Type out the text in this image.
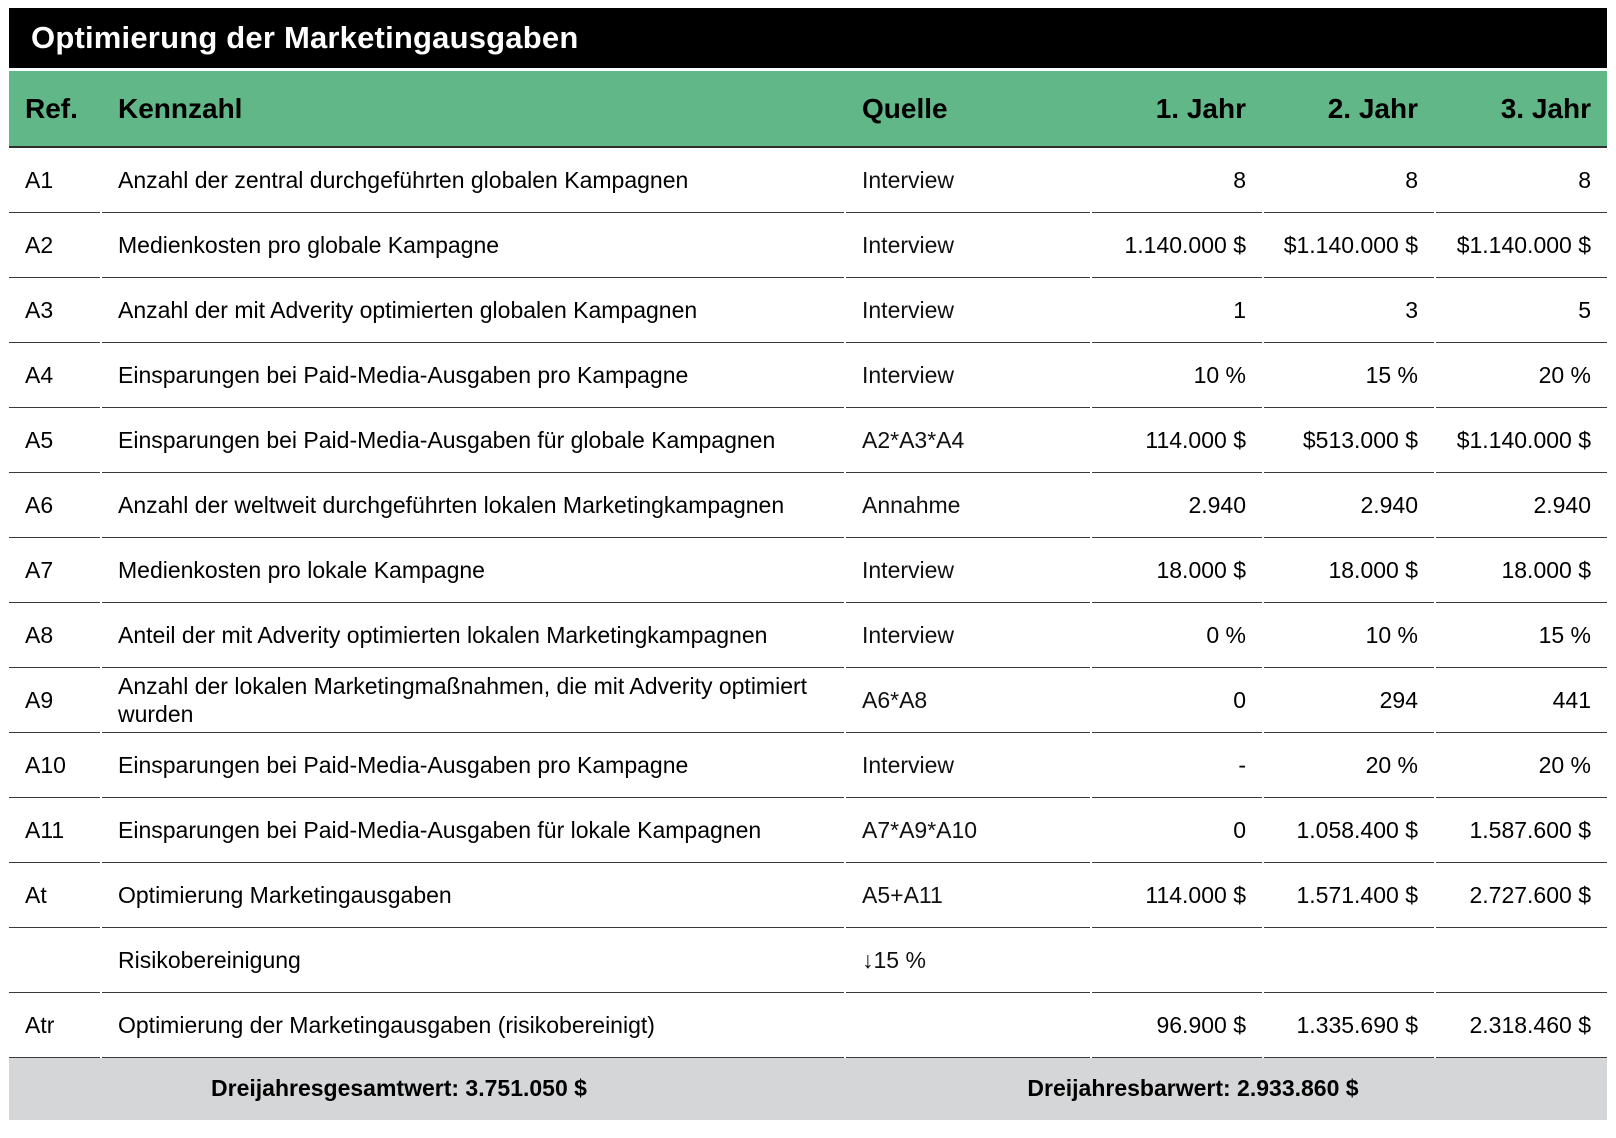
Optimierung der Marketingausgaben
Ref.	Kennzahl	Quelle	1. Jahr	2. Jahr	3. Jahr
A1	Anzahl der zentral durchgeführten globalen Kampagnen	Interview	8	8	8
A2	Medienkosten pro globale Kampagne	Interview	1.140.000 $	$1.140.000 $	$1.140.000 $
A3	Anzahl der mit Adverity optimierten globalen Kampagnen	Interview	1	3	5
A4	Einsparungen bei Paid-Media-Ausgaben pro Kampagne	Interview	10 %	15 %	20 %
A5	Einsparungen bei Paid-Media-Ausgaben für globale Kampagnen	A2*A3*A4	114.000 $	$513.000 $	$1.140.000 $
A6	Anzahl der weltweit durchgeführten lokalen Marketingkampagnen	Annahme	2.940	2.940	2.940
A7	Medienkosten pro lokale Kampagne	Interview	18.000 $	18.000 $	18.000 $
A8	Anteil der mit Adverity optimierten lokalen Marketingkampagnen	Interview	0 %	10 %	15 %
A9	Anzahl der lokalen Marketingmaßnahmen, die mit Adverity optimiert wurden	A6*A8	0	294	441
A10	Einsparungen bei Paid-Media-Ausgaben pro Kampagne	Interview	-	20 %	20 %
A11	Einsparungen bei Paid-Media-Ausgaben für lokale Kampagnen	A7*A9*A10	0	1.058.400 $	1.587.600 $
At	Optimierung Marketingausgaben	A5+A11	114.000 $	1.571.400 $	2.727.600 $
	Risikobereinigung	↓15 %			
Atr	Optimierung der Marketingausgaben (risikobereinigt)		96.900 $	1.335.690 $	2.318.460 $
Dreijahresgesamtwert: 3.751.050 $	Dreijahresbarwert: 2.933.860 $
